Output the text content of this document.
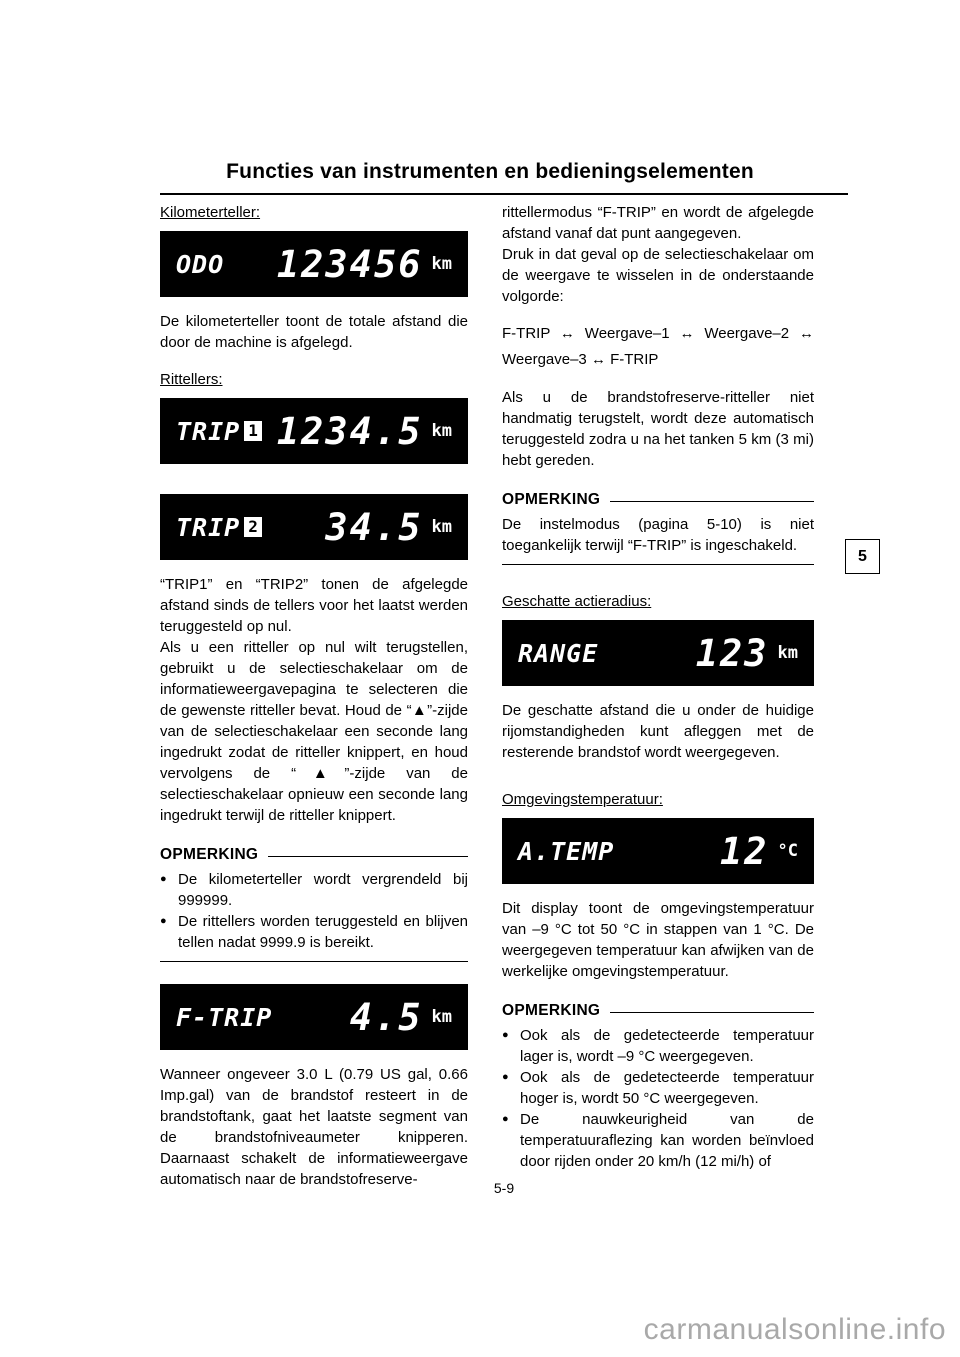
Functies van instrumenten en bedieningselementen
Kilometerteller:
ODO 123456 km

De kilometerteller toont de totale afstand die door de machine is afgelegd.

Rittellers:
TRIP 1 1234.5 km
TRIP 2 34.5 km

“TRIP1” en “TRIP2” tonen de afgelegde afstand sinds de tellers voor het laatst werden teruggesteld op nul.

Als u een ritteller op nul wilt terugstellen, gebruikt u de selectieschakelaar om de informatieweergavepagina te selecteren die de gewenste ritteller bevat. Houd de “▲”-zijde van de selectieschakelaar een seconde lang ingedrukt zodat de ritteller knippert, en houd vervolgens de “▲”-zijde van de selectieschakelaar opnieuw een seconde lang ingedrukt terwijl de ritteller knippert.

OPMERKING
● De kilometerteller wordt vergrendeld bij 999999.
● De rittellers worden teruggesteld en blijven tellen nadat 9999.9 is bereikt.
F-TRIP 4.5 km

Wanneer ongeveer 3.0 L (0.79 US gal, 0.66 Imp.gal) van de brandstof resteert in de brandstoftank, gaat het laatste segment van de brandstofniveaumeter knipperen. Daarnaast schakelt de informatieweergave automatisch naar de brandstofreserve-

rittellermodus “F-TRIP” en wordt de afgelegde afstand vanaf dat punt aangegeven.

Druk in dat geval op de selectieschakelaar om de weergave te wisselen in de onderstaande volgorde:

F-TRIP ↔ Weergave–1 ↔ Weergave–2 ↔ Weergave–3 ↔ F-TRIP

Als u de brandstofreserve-ritteller niet handmatig terugstelt, wordt deze automatisch teruggesteld zodra u na het tanken 5 km (3 mi) hebt gereden.

OPMERKING

De instelmodus (pagina 5-10) is niet toegankelijk terwijl “F-TRIP” is ingeschakeld.

Geschatte actieradius:
RANGE	123 km

De geschatte afstand die u onder de huidige rijomstandigheden kunt afleggen met de resterende brandstof wordt weergegeven.

Omgevingstemperatuur:
A.TEMP	12 °C

Dit display toont de omgevingstemperatuur van –9 °C tot 50 °C in stappen van 1 °C. De weergegeven temperatuur kan afwijken van de werkelijke omgevingstemperatuur.

OPMERKING
● Ook als de gedetecteerde temperatuur lager is, wordt –9 °C weergegeven.
● Ook als de gedetecteerde temperatuur hoger is, wordt 50 °C weergegeven.
● De nauwkeurigheid van de temperatuuraflezing kan worden beïnvloed door rijden onder 20 km/h (12 mi/h) of
5
5-9
carmanualsonline.info
